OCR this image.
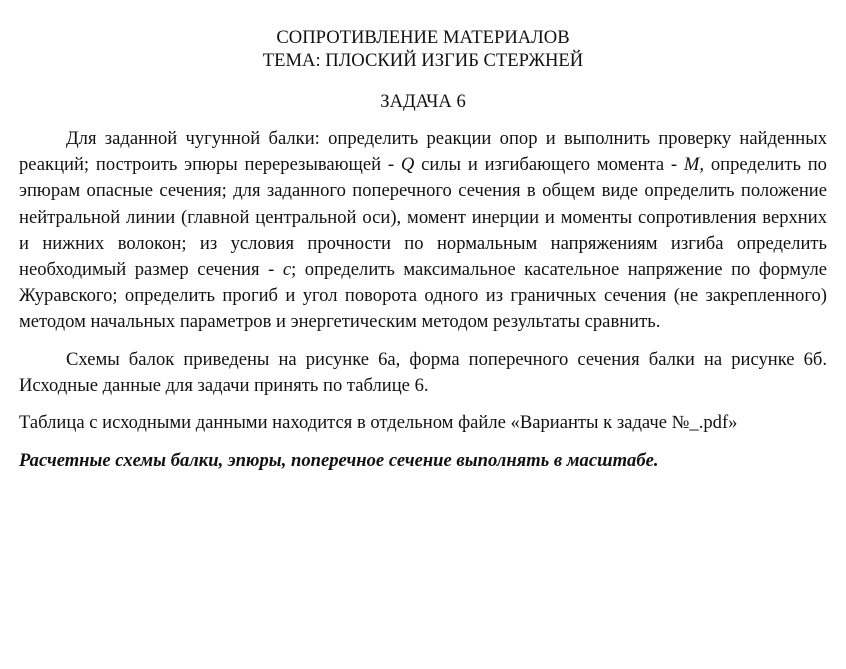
СОПРОТИВЛЕНИЕ МАТЕРИАЛОВ
ТЕМА: ПЛОСКИЙ ИЗГИБ СТЕРЖНЕЙ
ЗАДАЧА 6

Для заданной чугунной балки: определить реакции опор и выполнить проверку найденных реакций; построить эпюры перерезывающей - Q силы и изгибающего момента - M, определить по эпюрам опасные сечения; для заданного поперечного сечения в общем виде определить положение нейтральной линии (главной центральной оси), момент инерции и моменты сопротивления верхних и нижних волокон; из условия прочности по нормальным напряжениям изгиба определить необходимый размер сечения - c; определить максимальное касательное напряжение по формуле Журавского; определить прогиб и угол поворота одного из граничных сечения (не закрепленного) методом начальных параметров и энергетическим методом результаты сравнить.

Схемы балок приведены на рисунке 6а, форма поперечного сечения балки на рисунке 6б. Исходные данные для задачи принять по таблице 6.

Таблица с исходными данными находится в отдельном файле «Варианты к задаче №_.pdf»

Расчетные схемы балки, эпюры, поперечное сечение выполнять в масштабе.
